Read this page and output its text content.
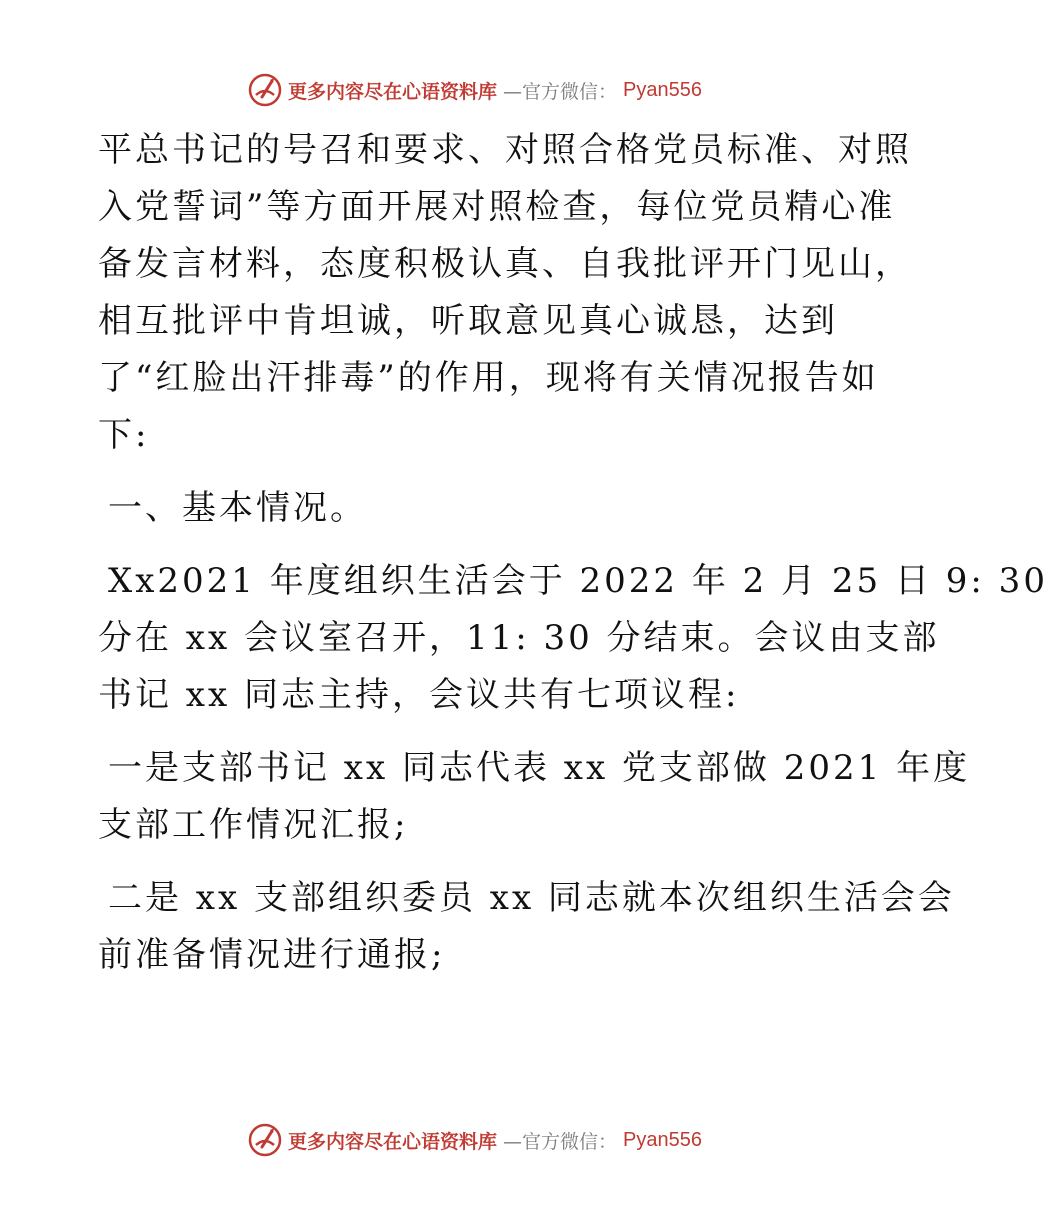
更多内容尽在心语资料库 —官方微信： Pyan556

平总书记的号召和要求、对照合格党员标准、对照
入党誓词”等方面开展对照检查，每位党员精心准
备发言材料，态度积极认真、自我批评开门见山，
相互批评中肯坦诚，听取意见真心诚恳，达到
了“红脸出汗排毒”的作用，现将有关情况报告如
下:

一、基本情况。

Xx2021 年度组织生活会于 2022 年 2 月 25 日 9: 30
分在 xx 会议室召开，11: 30 分结束。会议由支部
书记 xx 同志主持，会议共有七项议程:

一是支部书记 xx 同志代表 xx 党支部做 2021 年度
支部工作情况汇报;

二是 xx 支部组织委员 xx 同志就本次组织生活会会
前准备情况进行通报;

更多内容尽在心语资料库 —官方微信： Pyan556
